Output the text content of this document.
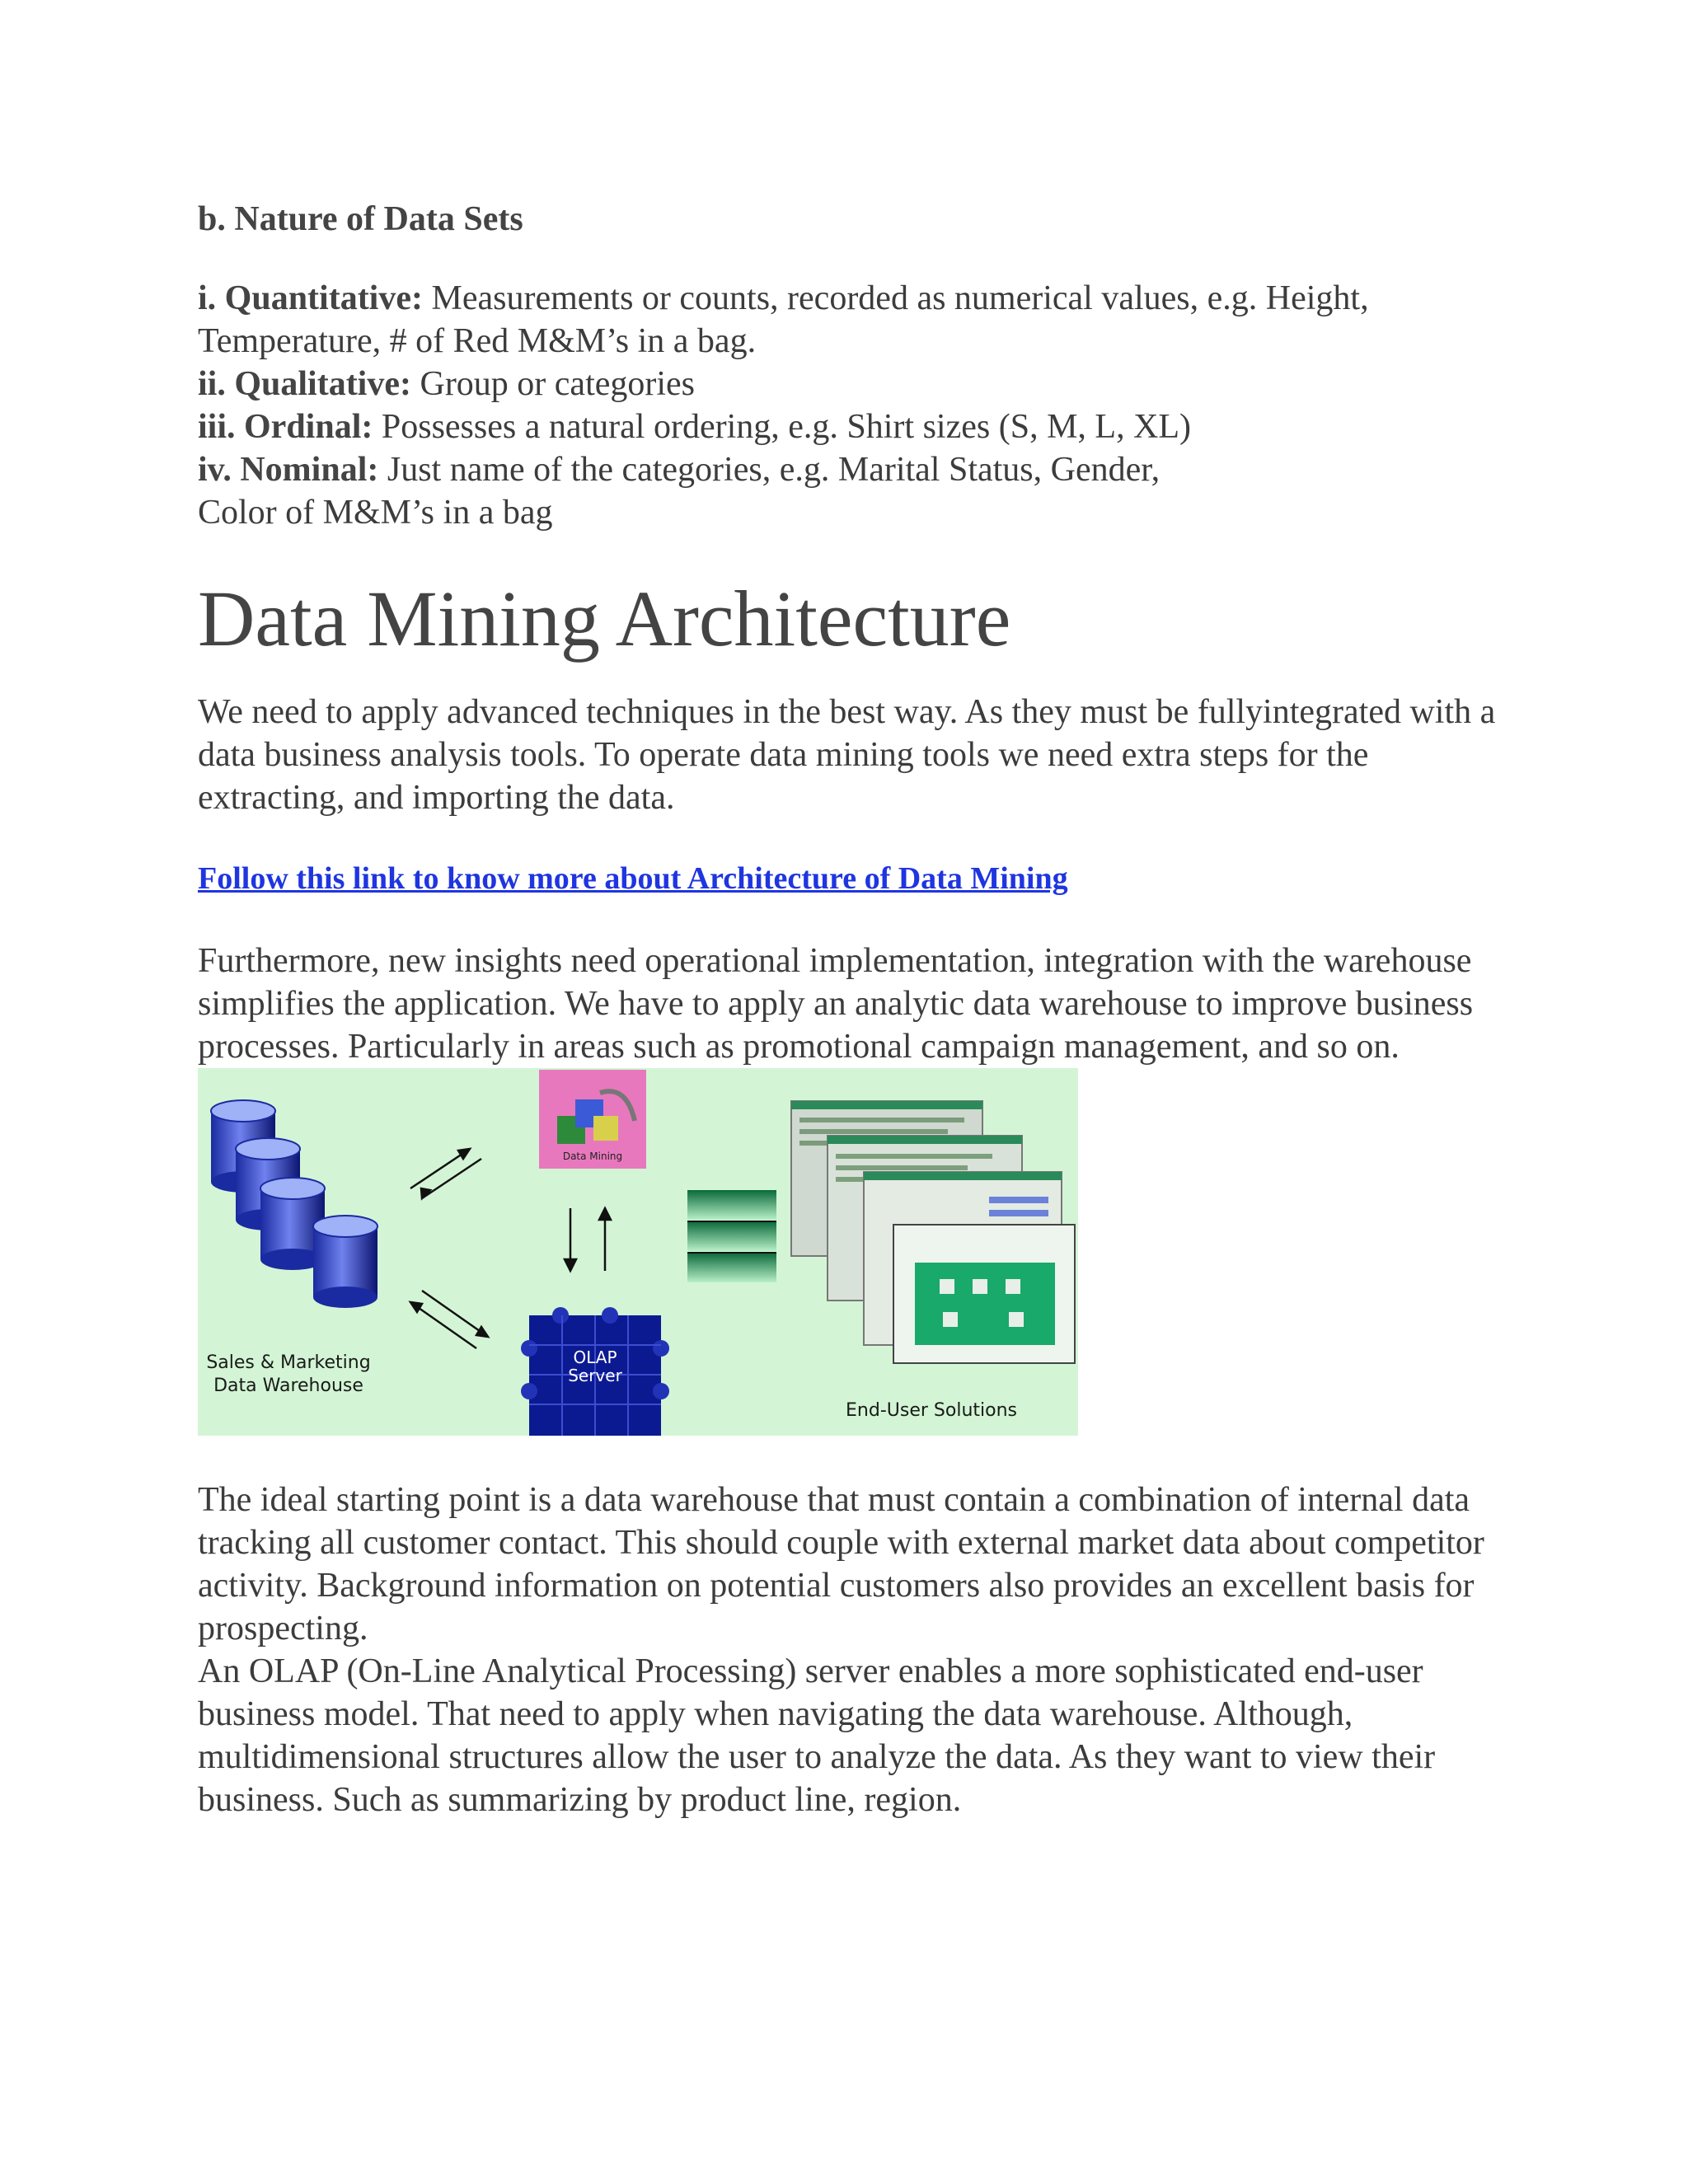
b. Nature of Data Sets

i. Quantitative: Measurements or counts, recorded as numerical values, e.g. Height, Temperature, # of Red M&M’s in a bag.

ii. Qualitative: Group or categories

iii. Ordinal: Possesses a natural ordering, e.g. Shirt sizes (S, M, L, XL)

iv. Nominal: Just name of the categories, e.g. Marital Status, Gender,

Color of M&M’s in a bag

Data Mining Architecture

We need to apply advanced techniques in the best way. As they must be fullyintegrated with a data business analysis tools. To operate data mining tools we need extra steps for the extracting, and importing the data.

Follow this link to know more about Architecture of Data Mining

Furthermore, new insights need operational implementation, integration with the warehouse simplifies the application. We have to apply an analytic data warehouse to improve business processes. Particularly in areas such as promotional campaign management, and so on.

Data Mining
Sales & Marketing
Data Warehouse
OLAP
Server
End-User Solutions

The ideal starting point is a data warehouse that must contain a combination of internal data tracking all customer contact. This should couple with external market data about competitor activity. Background information on potential customers also provides an excellent basis for prospecting.

An OLAP (On-Line Analytical Processing) server enables a more sophisticated end-user business model. That need to apply when navigating the data warehouse. Although, multidimensional structures allow the user to analyze the data. As they want to view their business. Such as summarizing by product line, region.
